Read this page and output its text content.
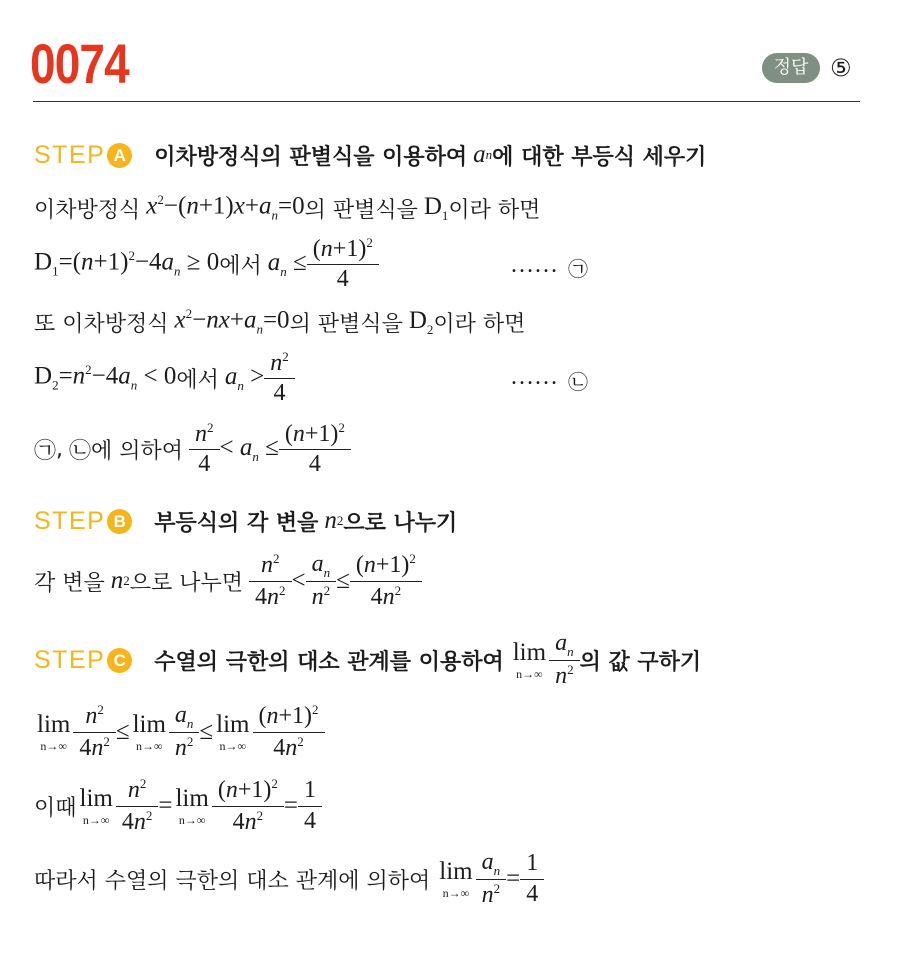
0074	정답 ⑤
STEP A 이차방정식의 판별식을 이용하여 a n 에 대한 부등식 세우기
이차방정식 $x^2-(n+1)x+a_n=0$ 의 판별식을 $D_1$ 이라 하면
$D_1=(n+1)^2-4a_n \ge 0$ 에서 $a_n \le \frac{(n+1)^2}{4}$	…… ㉠
또 이차방정식 $x^2-nx+a_n=0$ 의 판별식을 $D_2$ 이라 하면
$D_2=n^2-4a_n < 0$ 에서 $a_n > \frac{n^2}{4}$	…… ㉡
㉠ , ㉡ 에 의하여 $\frac{n^2}{4} < a_n \le \frac{(n+1)^2}{4}$
STEP B 부등식의 각 변을 n 2 으로 나누기
각 변을 n 2 으로 나누면 $\frac{n^2}{4n^2} < \frac{a_n}{n^2} \le \frac{(n+1)^2}{4n^2}$
STEP C 수열의 극한의 대소 관계를 이용하여 lim
$n\to\infty \frac{a_n}{n^2}$ 의 값 구하기
lim
$n\to\infty \frac{n^2}{4n^2} \le \lim$
$n\to\infty \frac{a_n}{n^2} \le \lim$
$n\to\infty \frac{(n+1)^2}{4n^2}$
이때 lim
$n\to\infty \frac{n^2}{4n^2} = \lim$
$n\to\infty \frac{(n+1)^2}{4n^2} = \frac{1}{4}$
따라서 수열의 극한의 대소 관계에 의하여 lim
$n\to\infty \frac{a_n}{n^2} = \frac{1}{4}$
